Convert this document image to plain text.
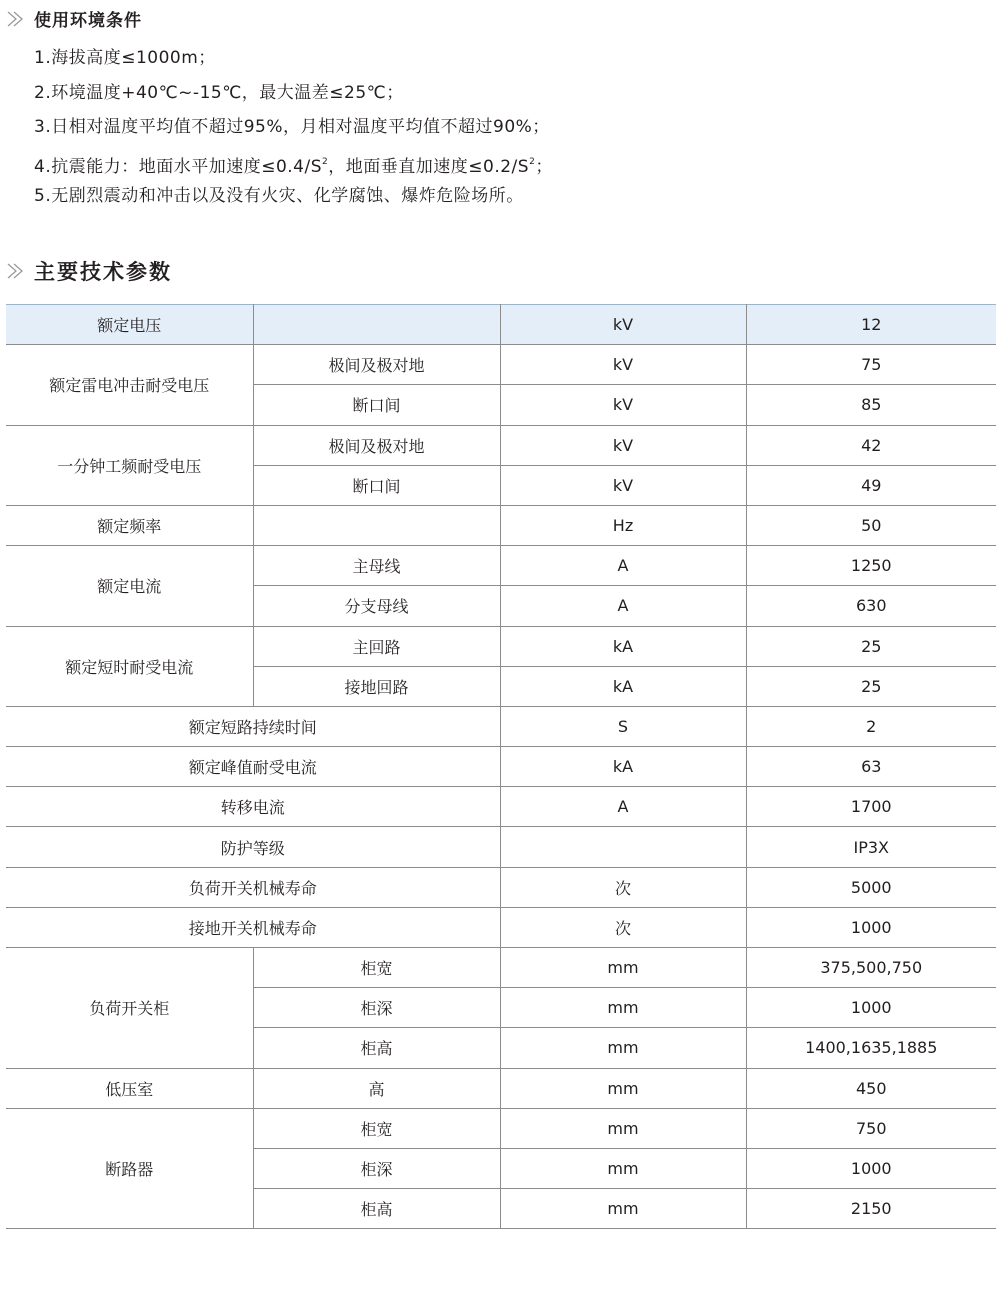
使用环境条件
1.海拔高度≤1000m；
2.环境温度+40℃~-15℃，最大温差≤25℃；
3.日相对温度平均值不超过95%，月相对温度平均值不超过90%；
4.抗震能力：地面水平加速度$\le 0.4/S^2$，地面垂直加速度$\le 0.2/S^2$；
5.无剧烈震动和冲击以及没有火灾、化学腐蚀、爆炸危险场所。
主要技术参数
额定电压		kV	12
额定雷电冲击耐受电压	极间及极对地	kV	75
	断口间	kV	85
一分钟工频耐受电压	极间及极对地	kV	42
	断口间	kV	49
额定频率		Hz	50
额定电流	主母线	A	1250
	分支母线	A	630
额定短时耐受电流	主回路	kA	25
	接地回路	kA	25
额定短路持续时间		S	2
额定峰值耐受电流		kA	63
转移电流		A	1700
防护等级			IP3X
负荷开关机械寿命		次	5000
接地开关机械寿命		次	1000
负荷开关柜	柜宽	mm	375,500,750
	柜深	mm	1000
	柜高	mm	1400,1635,1885
低压室	高	mm	450
断路器	柜宽	mm	750
	柜深	mm	1000
	柜高	mm	2150
